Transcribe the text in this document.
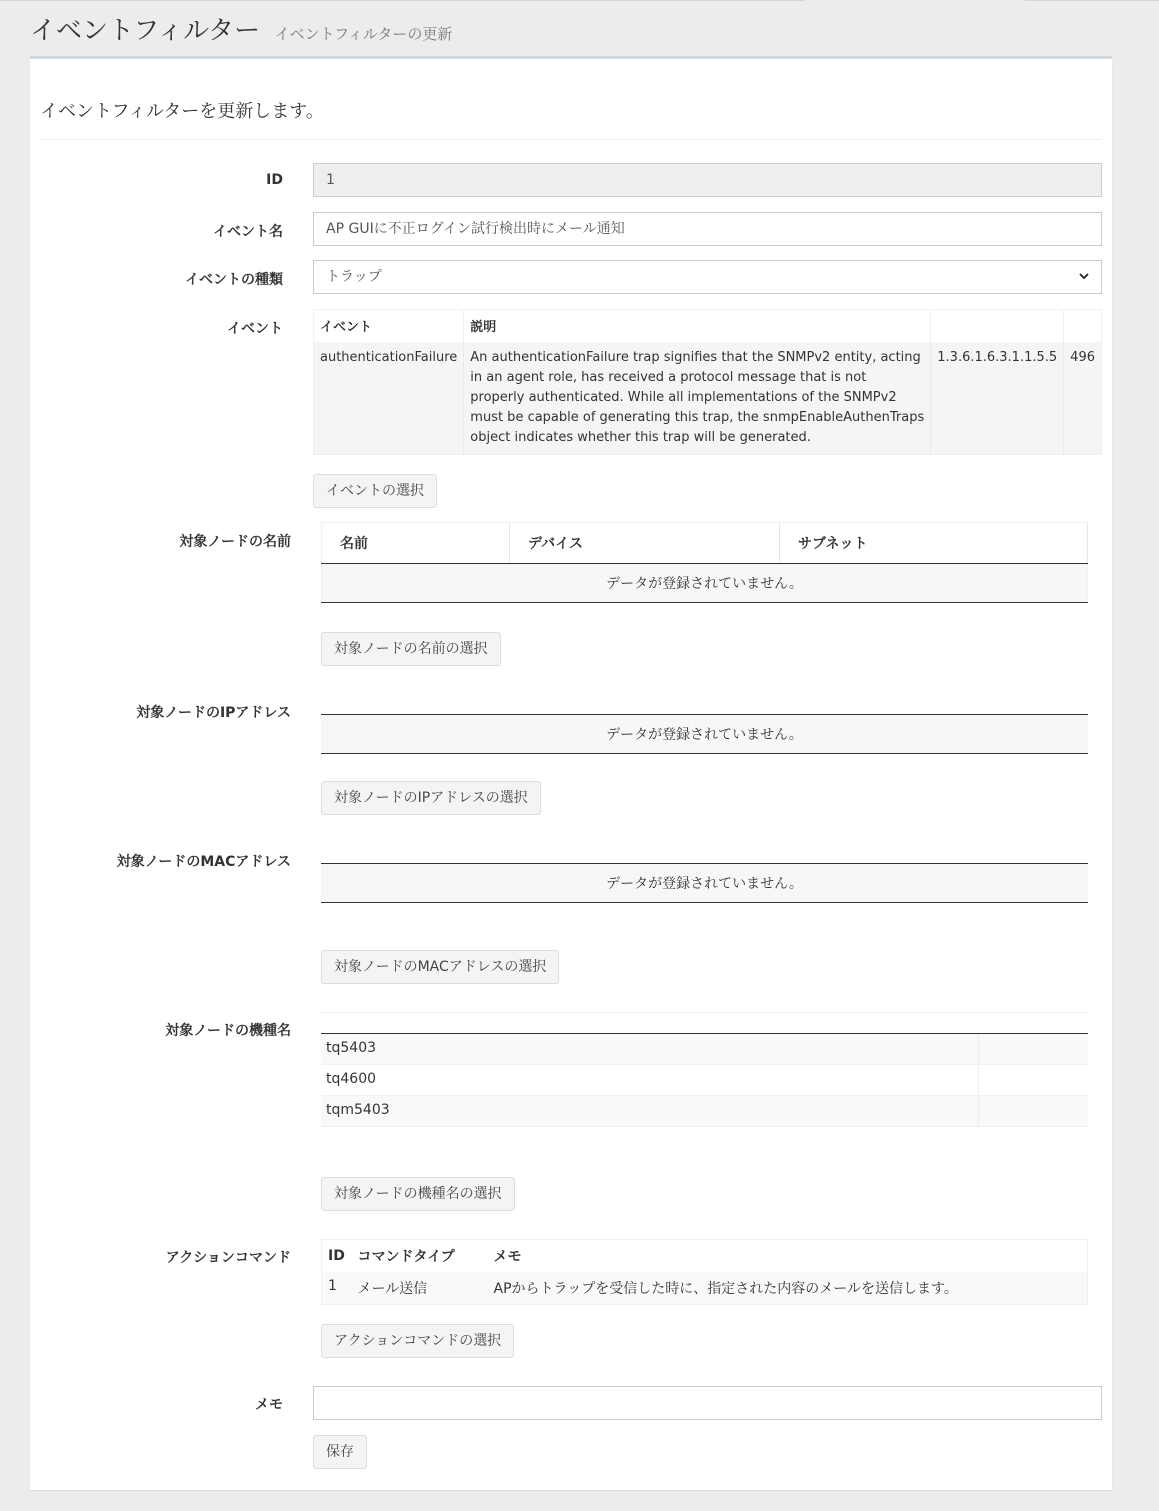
イベントフィルター イベントフィルターの更新
イベントフィルターを更新します。
ID	1
イベント名	AP GUIに不正ログイン試行検出時にメール通知
イベントの種類	トラップ
イベント	イベント	説明		
authenticationFailure	An authenticationFailure trap signifies that the SNMPv2 entity, acting in an agent role, has received a protocol message that is not properly authenticated. While all implementations of the SNMPv2 must be capable of generating this trap, the snmpEnableAuthenTraps object indicates whether this trap will be generated.	1.3.6.1.6.3.1.1.5.5	496
イベントの選択
対象ノードの名前	名前	デバイス	サブネット
データが登録されていません。
対象ノードの名前の選択
対象ノードのIPアドレス

データが登録されていません。
対象ノードのIPアドレスの選択
対象ノードのMACアドレス

データが登録されていません。
対象ノードのMACアドレスの選択
対象ノードの機種名

tq5403	
tq4600	
tqm5403	
対象ノードの機種名の選択
アクションコマンド	ID	コマンドタイプ	メモ
1	メール送信	APからトラップを受信した時に、指定された内容のメールを送信します。
アクションコマンドの選択
メモ
保存
